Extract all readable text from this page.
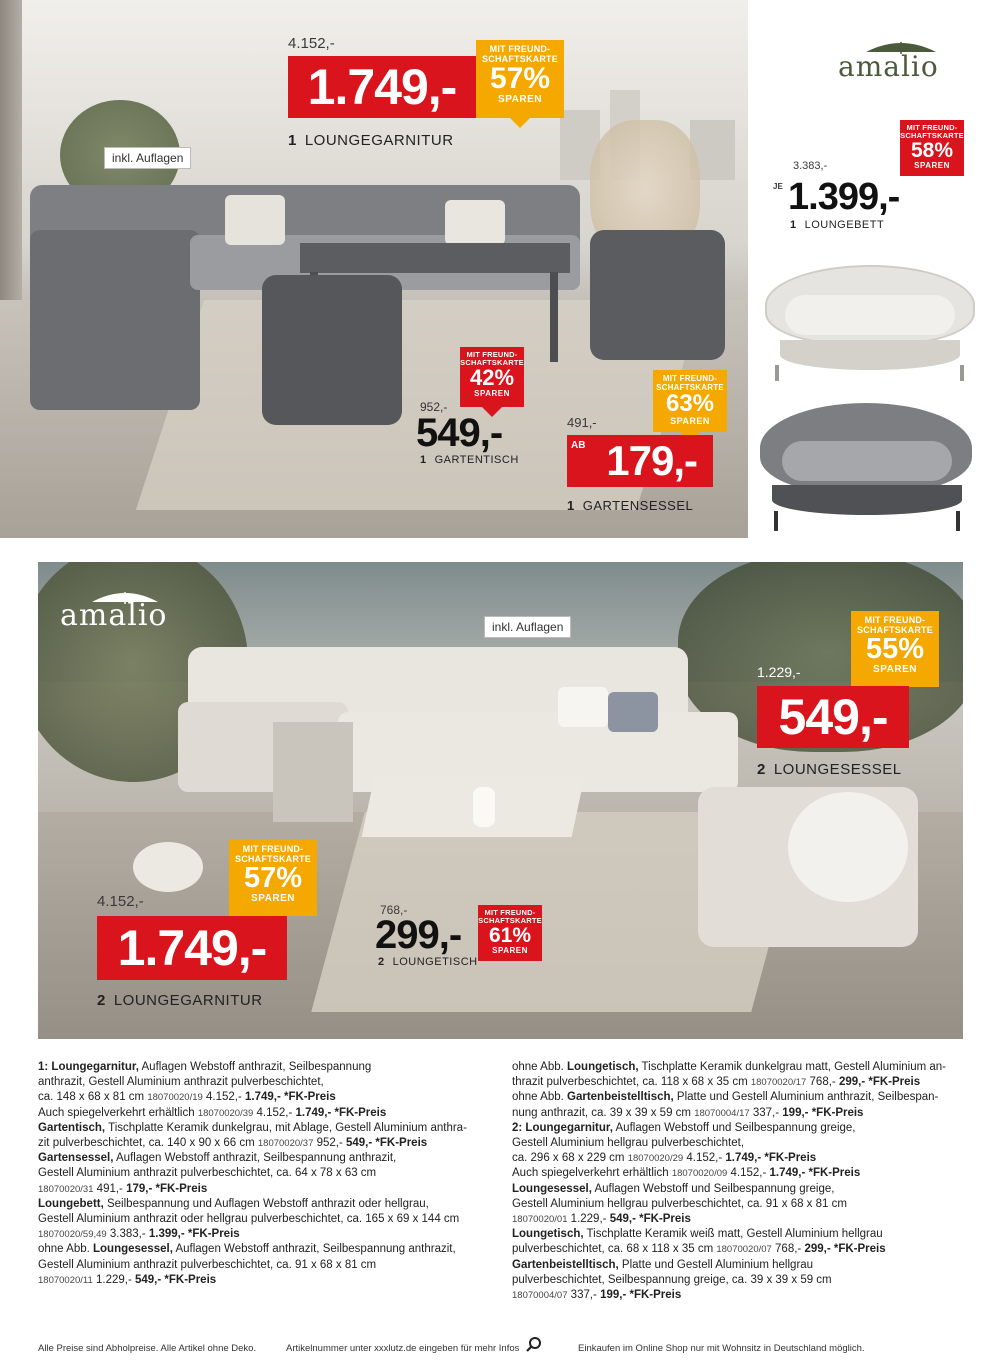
inkl. Auflagen
4.152,-
1.749,-
MIT FREUND-
SCHAFTSKARTE
57%
SPAREN
1 LOUNGEGARNITUR
MIT FREUND-
SCHAFTSKARTE
42%
SPAREN
952,-
549,-
1 GARTENTISCH
MIT FREUND-
SCHAFTSKARTE
63%
SPAREN
491,-
AB 179,-
1 GARTENSESSEL
amalio
MIT FREUND-
SCHAFTSKARTE
58%
SPAREN
3.383,-
JE 1.399,-
1 LOUNGEBETT
inkl. Auflagen
amalio	MIT FREUND-
SCHAFTSKARTE
55%
SPAREN
1.229,-
549,-
2 LOUNGESESSEL
MIT FREUND-
SCHAFTSKARTE
57%
SPAREN
4.152,-
1.749,-
2 LOUNGEGARNITUR
768,-
299,-
2 LOUNGETISCH
MIT FREUND-
SCHAFTSKARTE
61%
SPAREN
1: Loungegarnitur, Auflagen Webstoff anthrazit, Seilbespannung
anthrazit, Gestell Aluminium anthrazit pulverbeschichtet,
ca. 148 x 68 x 81 cm 18070020/19 4.152,- 1.749,- *FK-Preis
Auch spiegelverkehrt erhältlich 18070020/39 4.152,- 1.749,- *FK-Preis
Gartentisch, Tischplatte Keramik dunkelgrau, mit Ablage, Gestell Aluminium anthra-
zit pulverbeschichtet, ca. 140 x 90 x 66 cm 18070020/37 952,- 549,- *FK-Preis
Gartensessel, Auflagen Webstoff anthrazit, Seilbespannung anthrazit,
Gestell Aluminium anthrazit pulverbeschichtet, ca. 64 x 78 x 63 cm
18070020/31 491,- 179,- *FK-Preis
Loungebett, Seilbespannung und Auflagen Webstoff anthrazit oder hellgrau,
Gestell Aluminium anthrazit oder hellgrau pulverbeschichtet, ca. 165 x 69 x 144 cm
18070020/59,49 3.383,- 1.399,- *FK-Preis
ohne Abb. Loungesessel, Auflagen Webstoff anthrazit, Seilbespannung anthrazit,
Gestell Aluminium anthrazit pulverbeschichtet, ca. 91 x 68 x 81 cm
18070020/11 1.229,- 549,- *FK-Preis
ohne Abb. Loungetisch, Tischplatte Keramik dunkelgrau matt, Gestell Aluminium an-
thrazit pulverbeschichtet, ca. 118 x 68 x 35 cm 18070020/17 768,- 299,- *FK-Preis
ohne Abb. Gartenbeistelltisch, Platte und Gestell Aluminium anthrazit, Seilbespan-
nung anthrazit, ca. 39 x 39 x 59 cm 18070004/17 337,- 199,- *FK-Preis
2: Loungegarnitur, Auflagen Webstoff und Seilbespannung greige,
Gestell Aluminium hellgrau pulverbeschichtet,
ca. 296 x 68 x 229 cm 18070020/29 4.152,- 1.749,- *FK-Preis
Auch spiegelverkehrt erhältlich 18070020/09 4.152,- 1.749,- *FK-Preis
Loungesessel, Auflagen Webstoff und Seilbespannung greige,
Gestell Aluminium hellgrau pulverbeschichtet, ca. 91 x 68 x 81 cm
18070020/01 1.229,- 549,- *FK-Preis
Loungetisch, Tischplatte Keramik weiß matt, Gestell Aluminium hellgrau
pulverbeschichtet, ca. 68 x 118 x 35 cm 18070020/07 768,- 299,- *FK-Preis
Gartenbeistelltisch, Platte und Gestell Aluminium hellgrau
pulverbeschichtet, Seilbespannung greige, ca. 39 x 39 x 59 cm
18070004/07 337,- 199,- *FK-Preis
Alle Preise sind Abholpreise. Alle Artikel ohne Deko.	Artikelnummer unter xxxlutz.de eingeben für mehr Infos	Einkaufen im Online Shop nur mit Wohnsitz in Deutschland möglich.
